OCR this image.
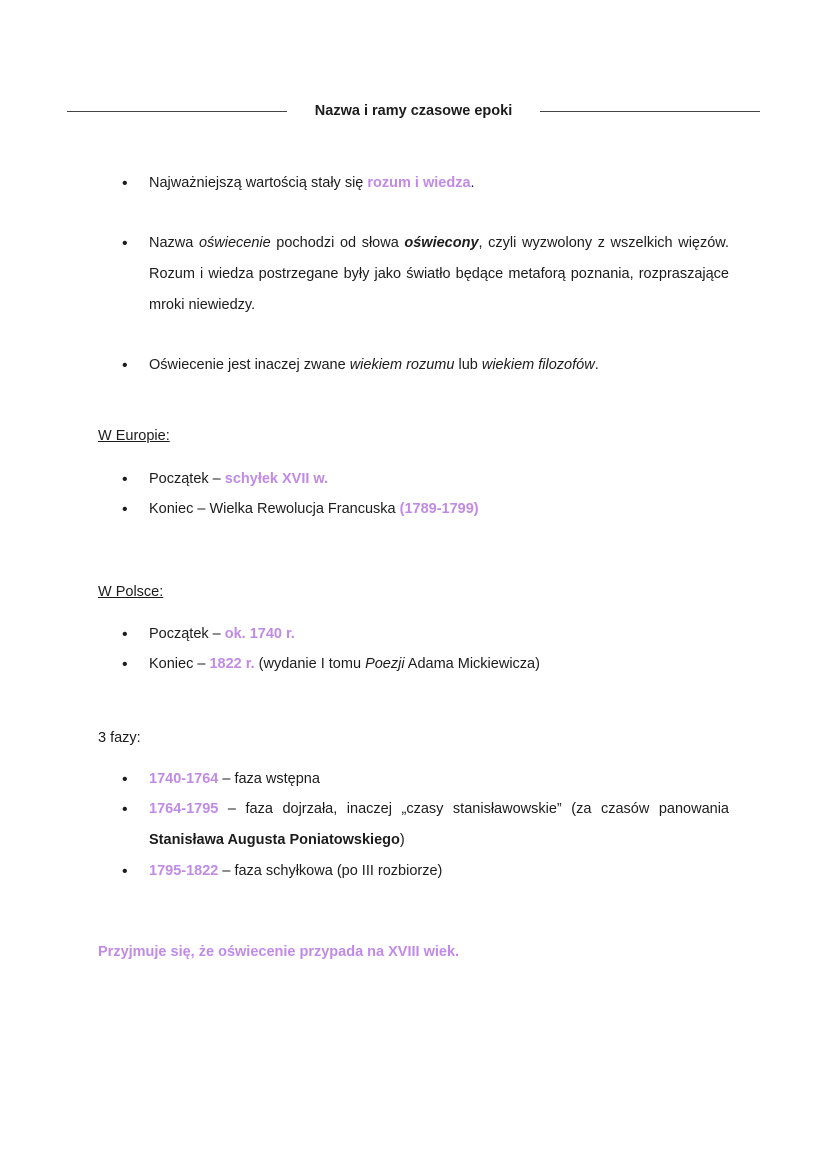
Nazwa i ramy czasowe epoki
• Najważniejszą wartością stały się rozum i wiedza.
• Nazwa oświecenie pochodzi od słowa oświecony, czyli wyzwolony z wszelkich więzów. Rozum i wiedza postrzegane były jako światło będące metaforą poznania, rozpraszające mroki niewiedzy.
• Oświecenie jest inaczej zwane wiekiem rozumu lub wiekiem filozofów.
W Europie:
• Początek – schyłek XVII w.
• Koniec – Wielka Rewolucja Francuska (1789-1799)
W Polsce:
• Początek – ok. 1740 r.
• Koniec – 1822 r. (wydanie I tomu Poezji Adama Mickiewicza)
3 fazy:
• 1740-1764 – faza wstępna
• 1764-1795 – faza dojrzała, inaczej „czasy stanisławowskie” (za czasów panowania Stanisława Augusta Poniatowskiego)
• 1795-1822 – faza schyłkowa (po III rozbiorze)
Przyjmuje się, że oświecenie przypada na XVIII wiek.
